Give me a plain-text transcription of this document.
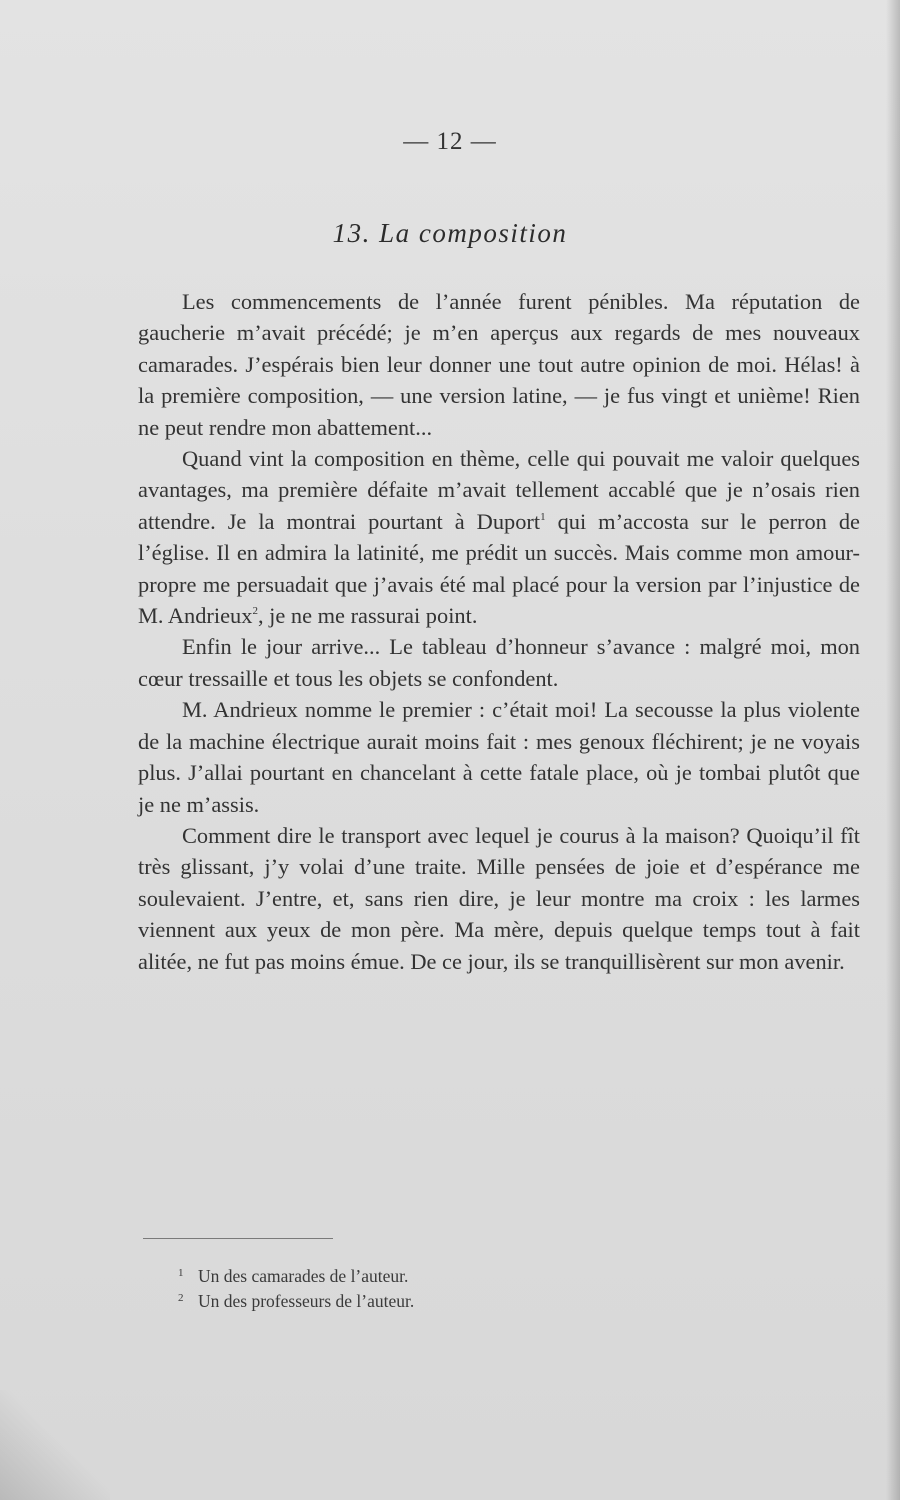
— 12 —
13. La composition

Les commencements de l’année furent pénibles. Ma réputation de gaucherie m’avait précédé; je m’en aperçus aux regards de mes nouveaux camarades. J’espérais bien leur donner une tout autre opinion de moi. Hélas! à la première composition, — une version latine, — je fus vingt et unième! Rien ne peut rendre mon abattement...

Quand vint la composition en thème, celle qui pouvait me valoir quelques avantages, ma première défaite m’avait tellement accablé que je n’osais rien attendre. Je la montrai pourtant à Duport$^1$ qui m’accosta sur le perron de l’église. Il en admira la latinité, me prédit un succès. Mais comme mon amour-propre me persuadait que j’avais été mal placé pour la version par l’injustice de M. Andrieux$^2$, je ne me rassurai point.

Enfin le jour arrive... Le tableau d’honneur s’avance : malgré moi, mon cœur tressaille et tous les objets se confondent.

M. Andrieux nomme le premier : c’était moi! La secousse la plus violente de la machine électrique aurait moins fait : mes genoux fléchirent; je ne voyais plus. J’allai pourtant en chancelant à cette fatale place, où je tombai plutôt que je ne m’assis.

Comment dire le transport avec lequel je courus à la maison? Quoiqu’il fît très glissant, j’y volai d’une traite. Mille pensées de joie et d’espérance me soulevaient. J’entre, et, sans rien dire, je leur montre ma croix : les larmes viennent aux yeux de mon père. Ma mère, depuis quelque temps tout à fait alitée, ne fut pas moins émue. De ce jour, ils se tranquillisèrent sur mon avenir.

1 Un des camarades de l’auteur.
2 Un des professeurs de l’auteur.
